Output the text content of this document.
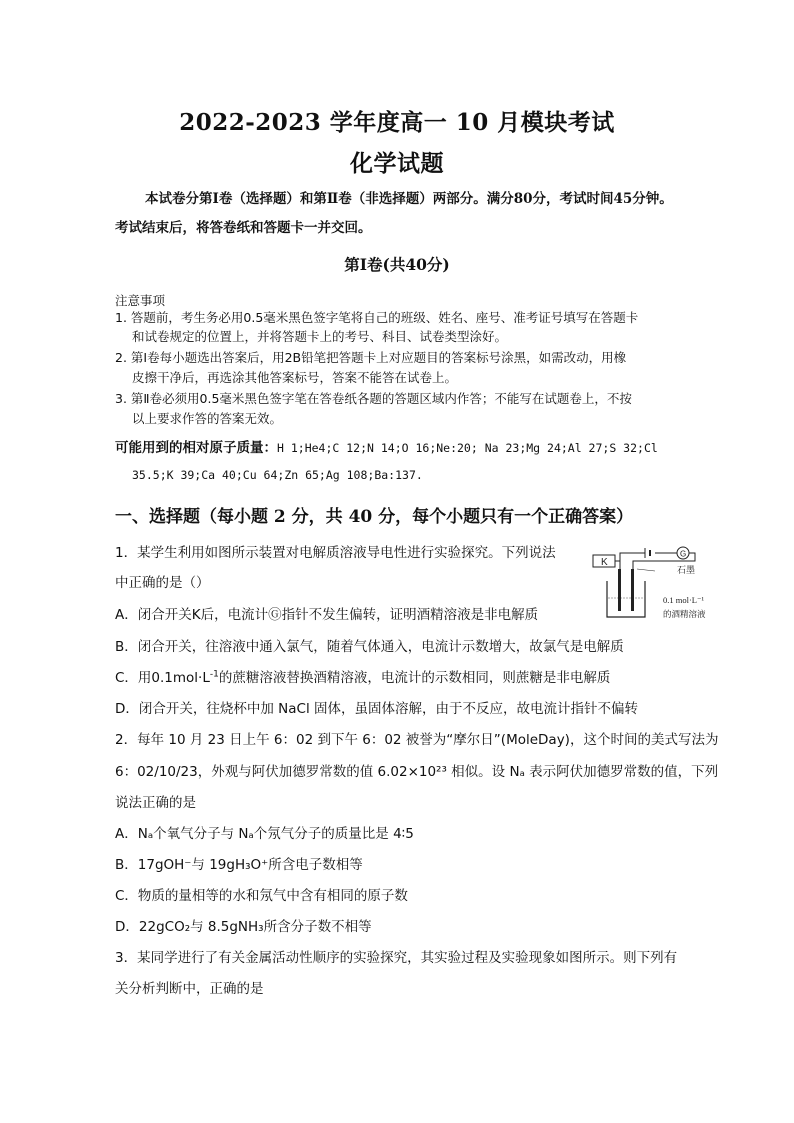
2022-2023 学年度高一 10 月模块考试
化学试题
本试卷分第Ⅰ卷（选择题）和第Ⅱ卷（非选择题）两部分。满分80分，考试时间45分钟。
考试结束后，将答卷纸和答题卡一并交回。
第Ⅰ卷(共40分)
注意事项
1. 答题前，考生务必用0.5毫米黑色签字笔将自己的班级、姓名、座号、准考证号填写在答题卡
和试卷规定的位置上，并将答题卡上的考号、科目、试卷类型涂好。
2. 第Ⅰ卷每小题选出答案后，用2B铅笔把答题卡上对应题目的答案标号涂黑，如需改动，用橡
皮擦干净后，再选涂其他答案标号，答案不能答在试卷上。
3. 第Ⅱ卷必须用0.5毫米黑色签字笔在答卷纸各题的答题区域内作答；不能写在试题卷上，不按
以上要求作答的答案无效。
可能用到的相对原子质量：H 1;He4;C 12;N 14;O 16;Ne:20; Na 23;Mg 24;Al 27;S 32;Cl
35.5;K 39;Ca 40;Cu 64;Zn 65;Ag 108;Ba:137.
一、选择题（每小题 2 分，共 40 分，每个小题只有一个正确答案）
1．某学生利用如图所示装置对电解质溶液导电性进行实验探究。下列说法
中正确的是（）
K
G
石墨
0.1 mol·L⁻¹
的酒精溶液
A．闭合开关K后，电流计Ⓖ指针不发生偏转，证明酒精溶液是非电解质
B．闭合开关，往溶液中通入氯气，随着气体通入，电流计示数增大，故氯气是电解质
C．用$0.1mol\cdot L^{-1}$的蔗糖溶液替换酒精溶液，电流计的示数相同，则蔗糖是非电解质
D．闭合开关，往烧杯中加 NaCl 固体，虽固体溶解，由于不反应，故电流计指针不偏转
2．每年 10 月 23 日上午 6：02 到下午 6：02 被誉为“摩尔日”(MoleDay)，这个时间的美式写法为
6：02/10/23，外观与阿伏加德罗常数的值 6.02×10²³ 相似。设 Nₐ 表示阿伏加德罗常数的值，下列
说法正确的是
A．Nₐ个氧气分子与 Nₐ个氖气分子的质量比是 4∶5
B．17gOH⁻与 19gH₃O⁺所含电子数相等
C．物质的量相等的水和氖气中含有相同的原子数
D．22gCO₂与 8.5gNH₃所含分子数不相等
3．某同学进行了有关金属活动性顺序的实验探究，其实验过程及实验现象如图所示。则下列有
关分析判断中，正确的是
